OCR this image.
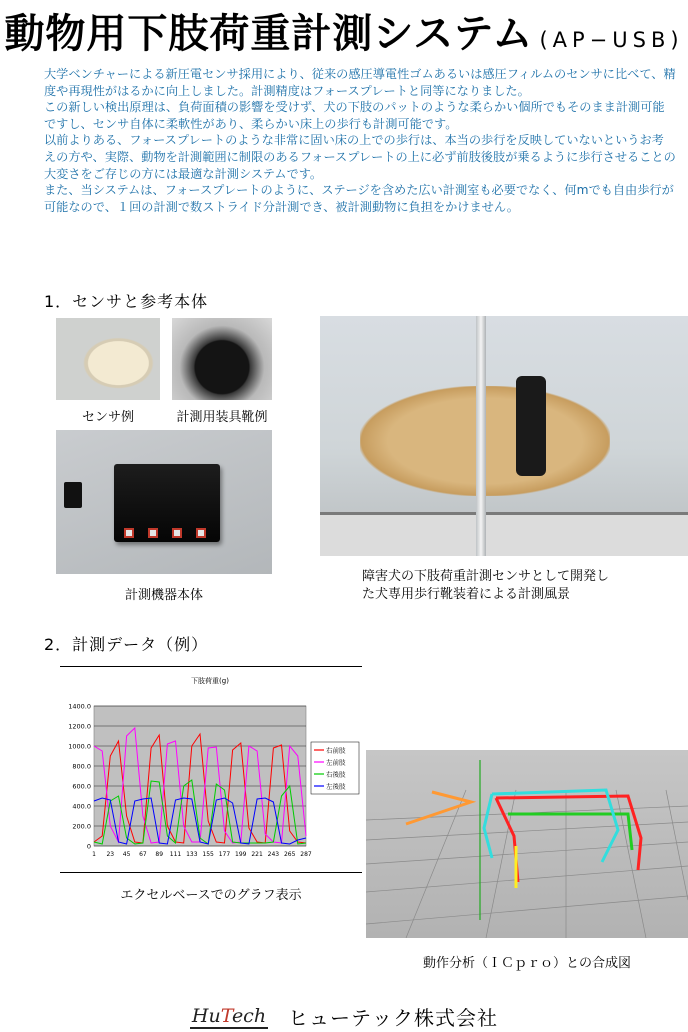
動物用下肢荷重計測システム (AP−USB)

大学ベンチャーによる新圧電センサ採用により、従来の感圧導電性ゴムあるいは感圧フィルムのセンサに比べて、精度や再現性がはるかに向上しました。計測精度はフォースプレートと同等になりました。

この新しい検出原理は、負荷面積の影響を受けず、犬の下肢のパットのような柔らかい個所でもそのまま計測可能ですし、センサ自体に柔軟性があり、柔らかい床上の歩行も計測可能です。

以前よりある、フォースプレートのような非常に固い床の上での歩行は、本当の歩行を反映していないというお考えの方や、実際、動物を計測範囲に制限のあるフォースプレートの上に必ず前肢後肢が乗るように歩行させることの大変さをご存じの方には最適な計測システムです。

また、当システムは、フォースプレートのように、ステージを含めた広い計測室も必要でなく、何mでも自由歩行が可能なので、１回の計測で数ストライド分計測でき、被計測動物に負担をかけません。

1．センサと参考本体
センサ例	計測用装具靴例
計測機器本体
障害犬の下肢荷重計測センサとして開発し
た犬専用歩行靴装着による計測風景
2．計測データ（例）
下肢荷重(g)
0
200.0
400.0
600.0
800.0
1000.0
1200.0
1400.0
1 23 45 67 89 111 133 155 177 199 221 243 265 287
右前肢
左前肢
右後肢
左後肢
エクセルベースでのグラフ表示
動作分析（ＩＣｐｒｏ）との合成図
HuTech ヒューテック株式会社
